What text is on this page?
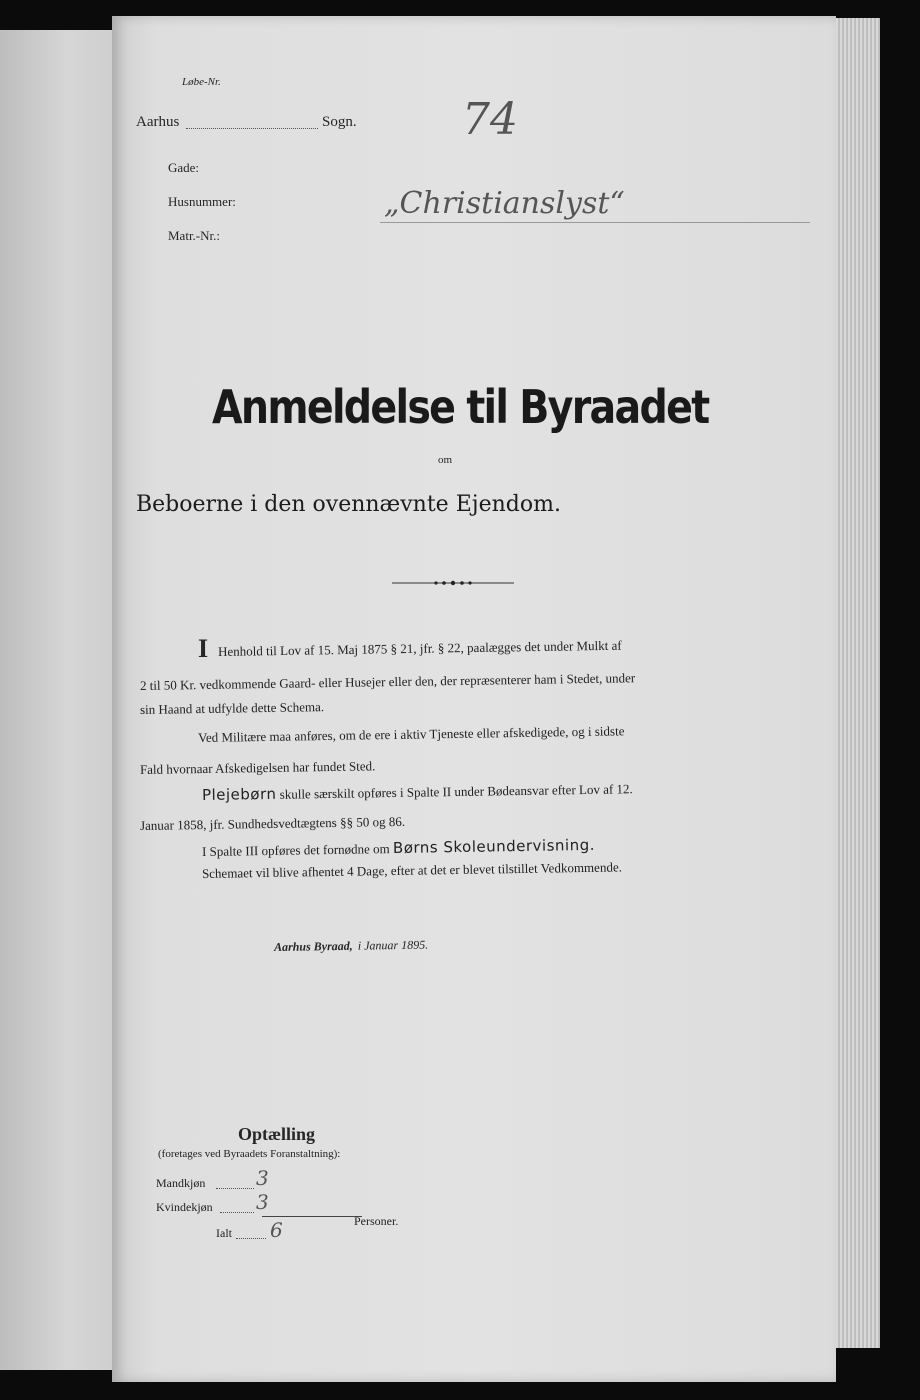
Løbe-Nr.
Aarhus	Sogn. 74
Gade:
Husnummer:
Matr.-Nr.:
„Christianslyst“
Anmeldelse til Byraadet
om
Beboerne i den ovennævnte Ejendom.
I Henhold til Lov af 15. Maj 1875 § 21, jfr. § 22, paalægges det under Mulkt af
2 til 50 Kr. vedkommende Gaard- eller Husejer eller den, der repræsenterer ham i Stedet, under
sin Haand at udfylde dette Schema.
Ved Militære maa anføres, om de ere i aktiv Tjeneste eller afskedigede, og i sidste
Fald hvornaar Afskedigelsen har fundet Sted.
Plejebørn skulle særskilt opføres i Spalte II under Bødeansvar efter Lov af 12.
Januar 1858, jfr. Sundhedsvedtægtens §§ 50 og 86.
I Spalte III opføres det fornødne om Børns Skoleundervisning.
Schemaet vil blive afhentet 4 Dage, efter at det er blevet tilstillet Vedkommende.
Aarhus Byraad, i Januar 1895.
Optælling
(foretages ved Byraadets Foranstaltning):
Mandkjøn	3
Kvindekjøn 3
Ialt 6	Personer.
